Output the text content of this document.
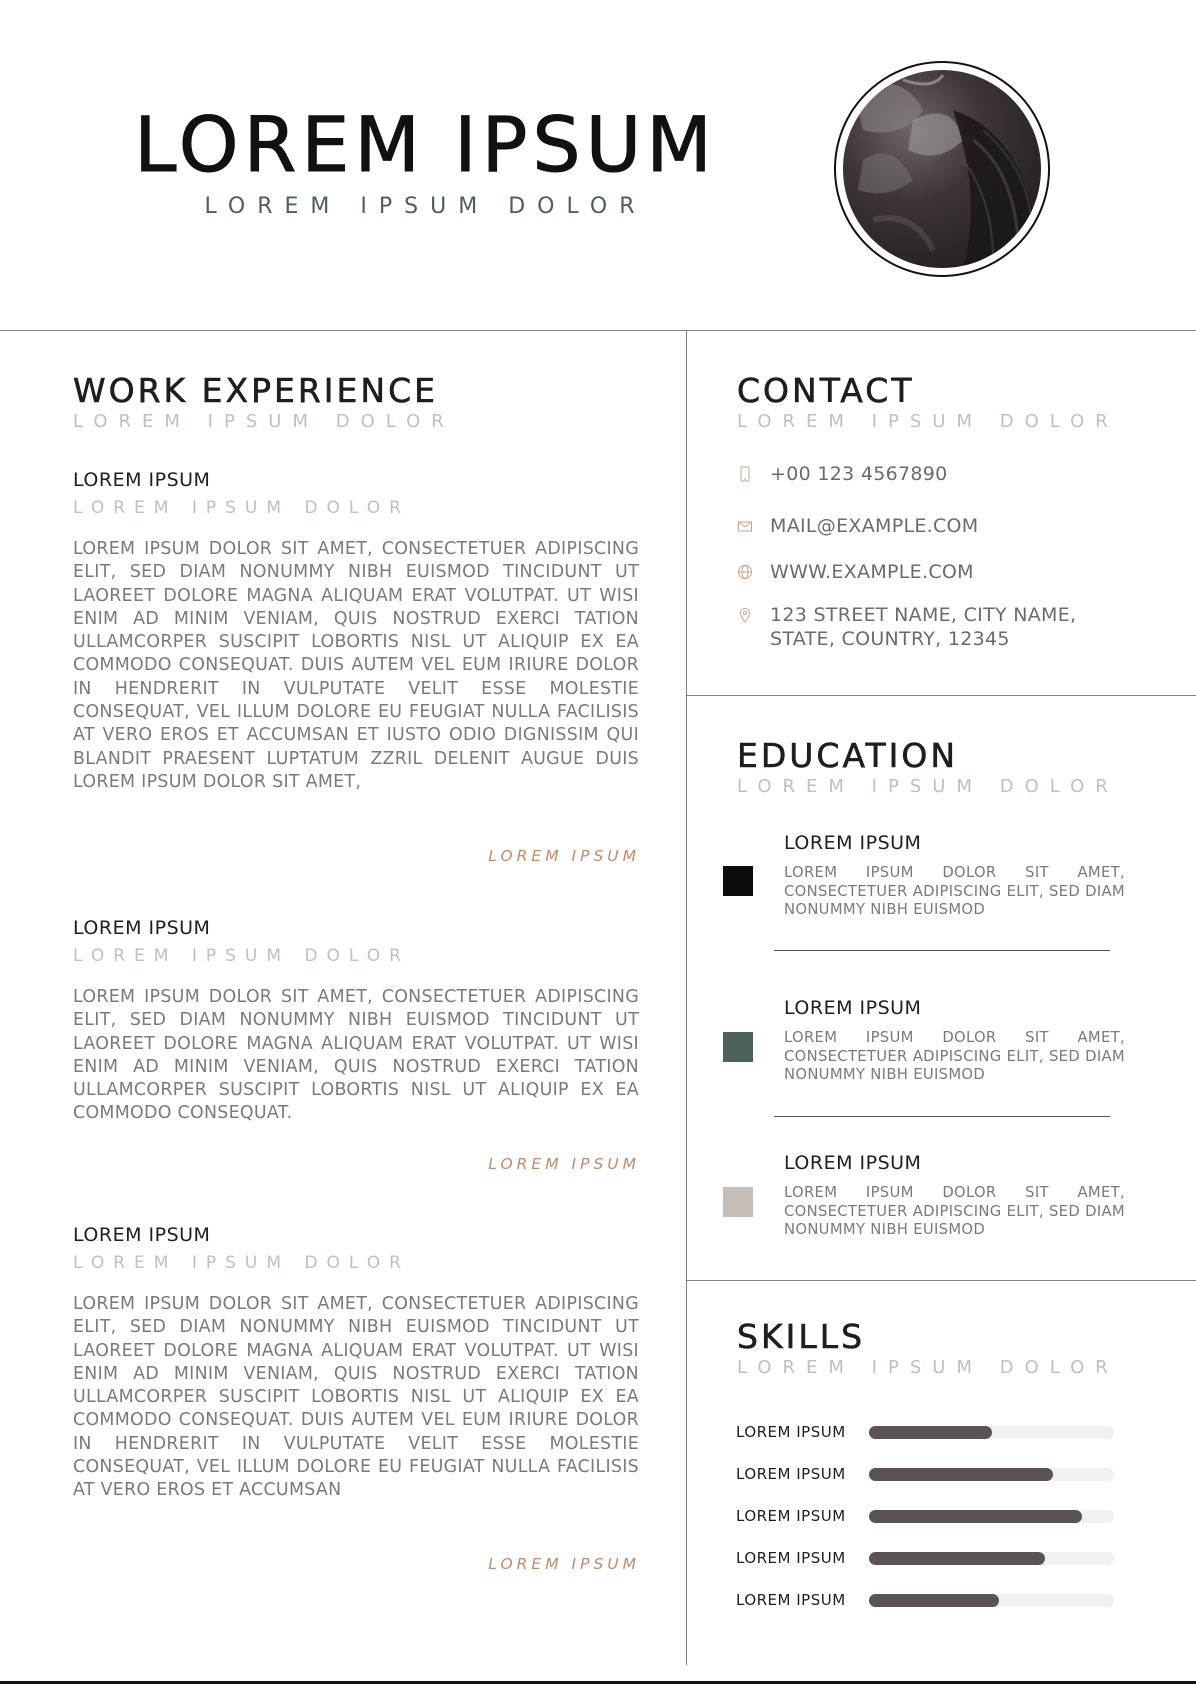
LOREM IPSUM
LOREM IPSUM DOLOR
WORK EXPERIENCE
LOREM IPSUM DOLOR
LOREM IPSUM
LOREM IPSUM DOLOR
LOREM IPSUM DOLOR SIT AMET, CONSECTETUER ADIPISCING ELIT, SED DIAM NONUMMY NIBH EUISMOD TINCIDUNT UT LAOREET DOLORE MAGNA ALIQUAM ERAT VOLUTPAT. UT WISI ENIM AD MINIM VENIAM, QUIS NOSTRUD EXERCI TATION ULLAMCORPER SUSCIPIT LOBORTIS NISL UT ALIQUIP EX EA COMMODO CONSEQUAT. DUIS AUTEM VEL EUM IRIURE DOLOR IN HENDRERIT IN VULPUTATE VELIT ESSE MOLESTIE CONSEQUAT, VEL ILLUM DOLORE EU FEUGIAT NULLA FACILISIS AT VERO EROS ET ACCUMSAN ET IUSTO ODIO DIGNISSIM QUI BLANDIT PRAESENT LUPTATUM ZZRIL DELENIT AUGUE DUIS LOREM IPSUM DOLOR SIT AMET,
LOREM IPSUM
LOREM IPSUM
LOREM IPSUM DOLOR
LOREM IPSUM DOLOR SIT AMET, CONSECTETUER ADIPISCING ELIT, SED DIAM NONUMMY NIBH EUISMOD TINCIDUNT UT LAOREET DOLORE MAGNA ALIQUAM ERAT VOLUTPAT. UT WISI ENIM AD MINIM VENIAM, QUIS NOSTRUD EXERCI TATION ULLAMCORPER SUSCIPIT LOBORTIS NISL UT ALIQUIP EX EA COMMODO CONSEQUAT.
LOREM IPSUM
LOREM IPSUM
LOREM IPSUM DOLOR
LOREM IPSUM DOLOR SIT AMET, CONSECTETUER ADIPISCING ELIT, SED DIAM NONUMMY NIBH EUISMOD TINCIDUNT UT LAOREET DOLORE MAGNA ALIQUAM ERAT VOLUTPAT. UT WISI ENIM AD MINIM VENIAM, QUIS NOSTRUD EXERCI TATION ULLAMCORPER SUSCIPIT LOBORTIS NISL UT ALIQUIP EX EA COMMODO CONSEQUAT. DUIS AUTEM VEL EUM IRIURE DOLOR IN HENDRERIT IN VULPUTATE VELIT ESSE MOLESTIE CONSEQUAT, VEL ILLUM DOLORE EU FEUGIAT NULLA FACILISIS AT VERO EROS ET ACCUMSAN
LOREM IPSUM
CONTACT
LOREM IPSUM DOLOR
+00 123 4567890
MAIL@EXAMPLE.COM
WWW.EXAMPLE.COM
123 STREET NAME, CITY NAME,
STATE, COUNTRY, 12345
EDUCATION
LOREM IPSUM DOLOR
LOREM IPSUM
LOREM IPSUM DOLOR SIT AMET, CONSECTETUER ADIPISCING ELIT, SED DIAM NONUMMY NIBH EUISMOD
LOREM IPSUM
LOREM IPSUM DOLOR SIT AMET, CONSECTETUER ADIPISCING ELIT, SED DIAM NONUMMY NIBH EUISMOD
LOREM IPSUM
LOREM IPSUM DOLOR SIT AMET, CONSECTETUER ADIPISCING ELIT, SED DIAM NONUMMY NIBH EUISMOD
SKILLS
LOREM IPSUM DOLOR
LOREM IPSUM
LOREM IPSUM
LOREM IPSUM
LOREM IPSUM
LOREM IPSUM
